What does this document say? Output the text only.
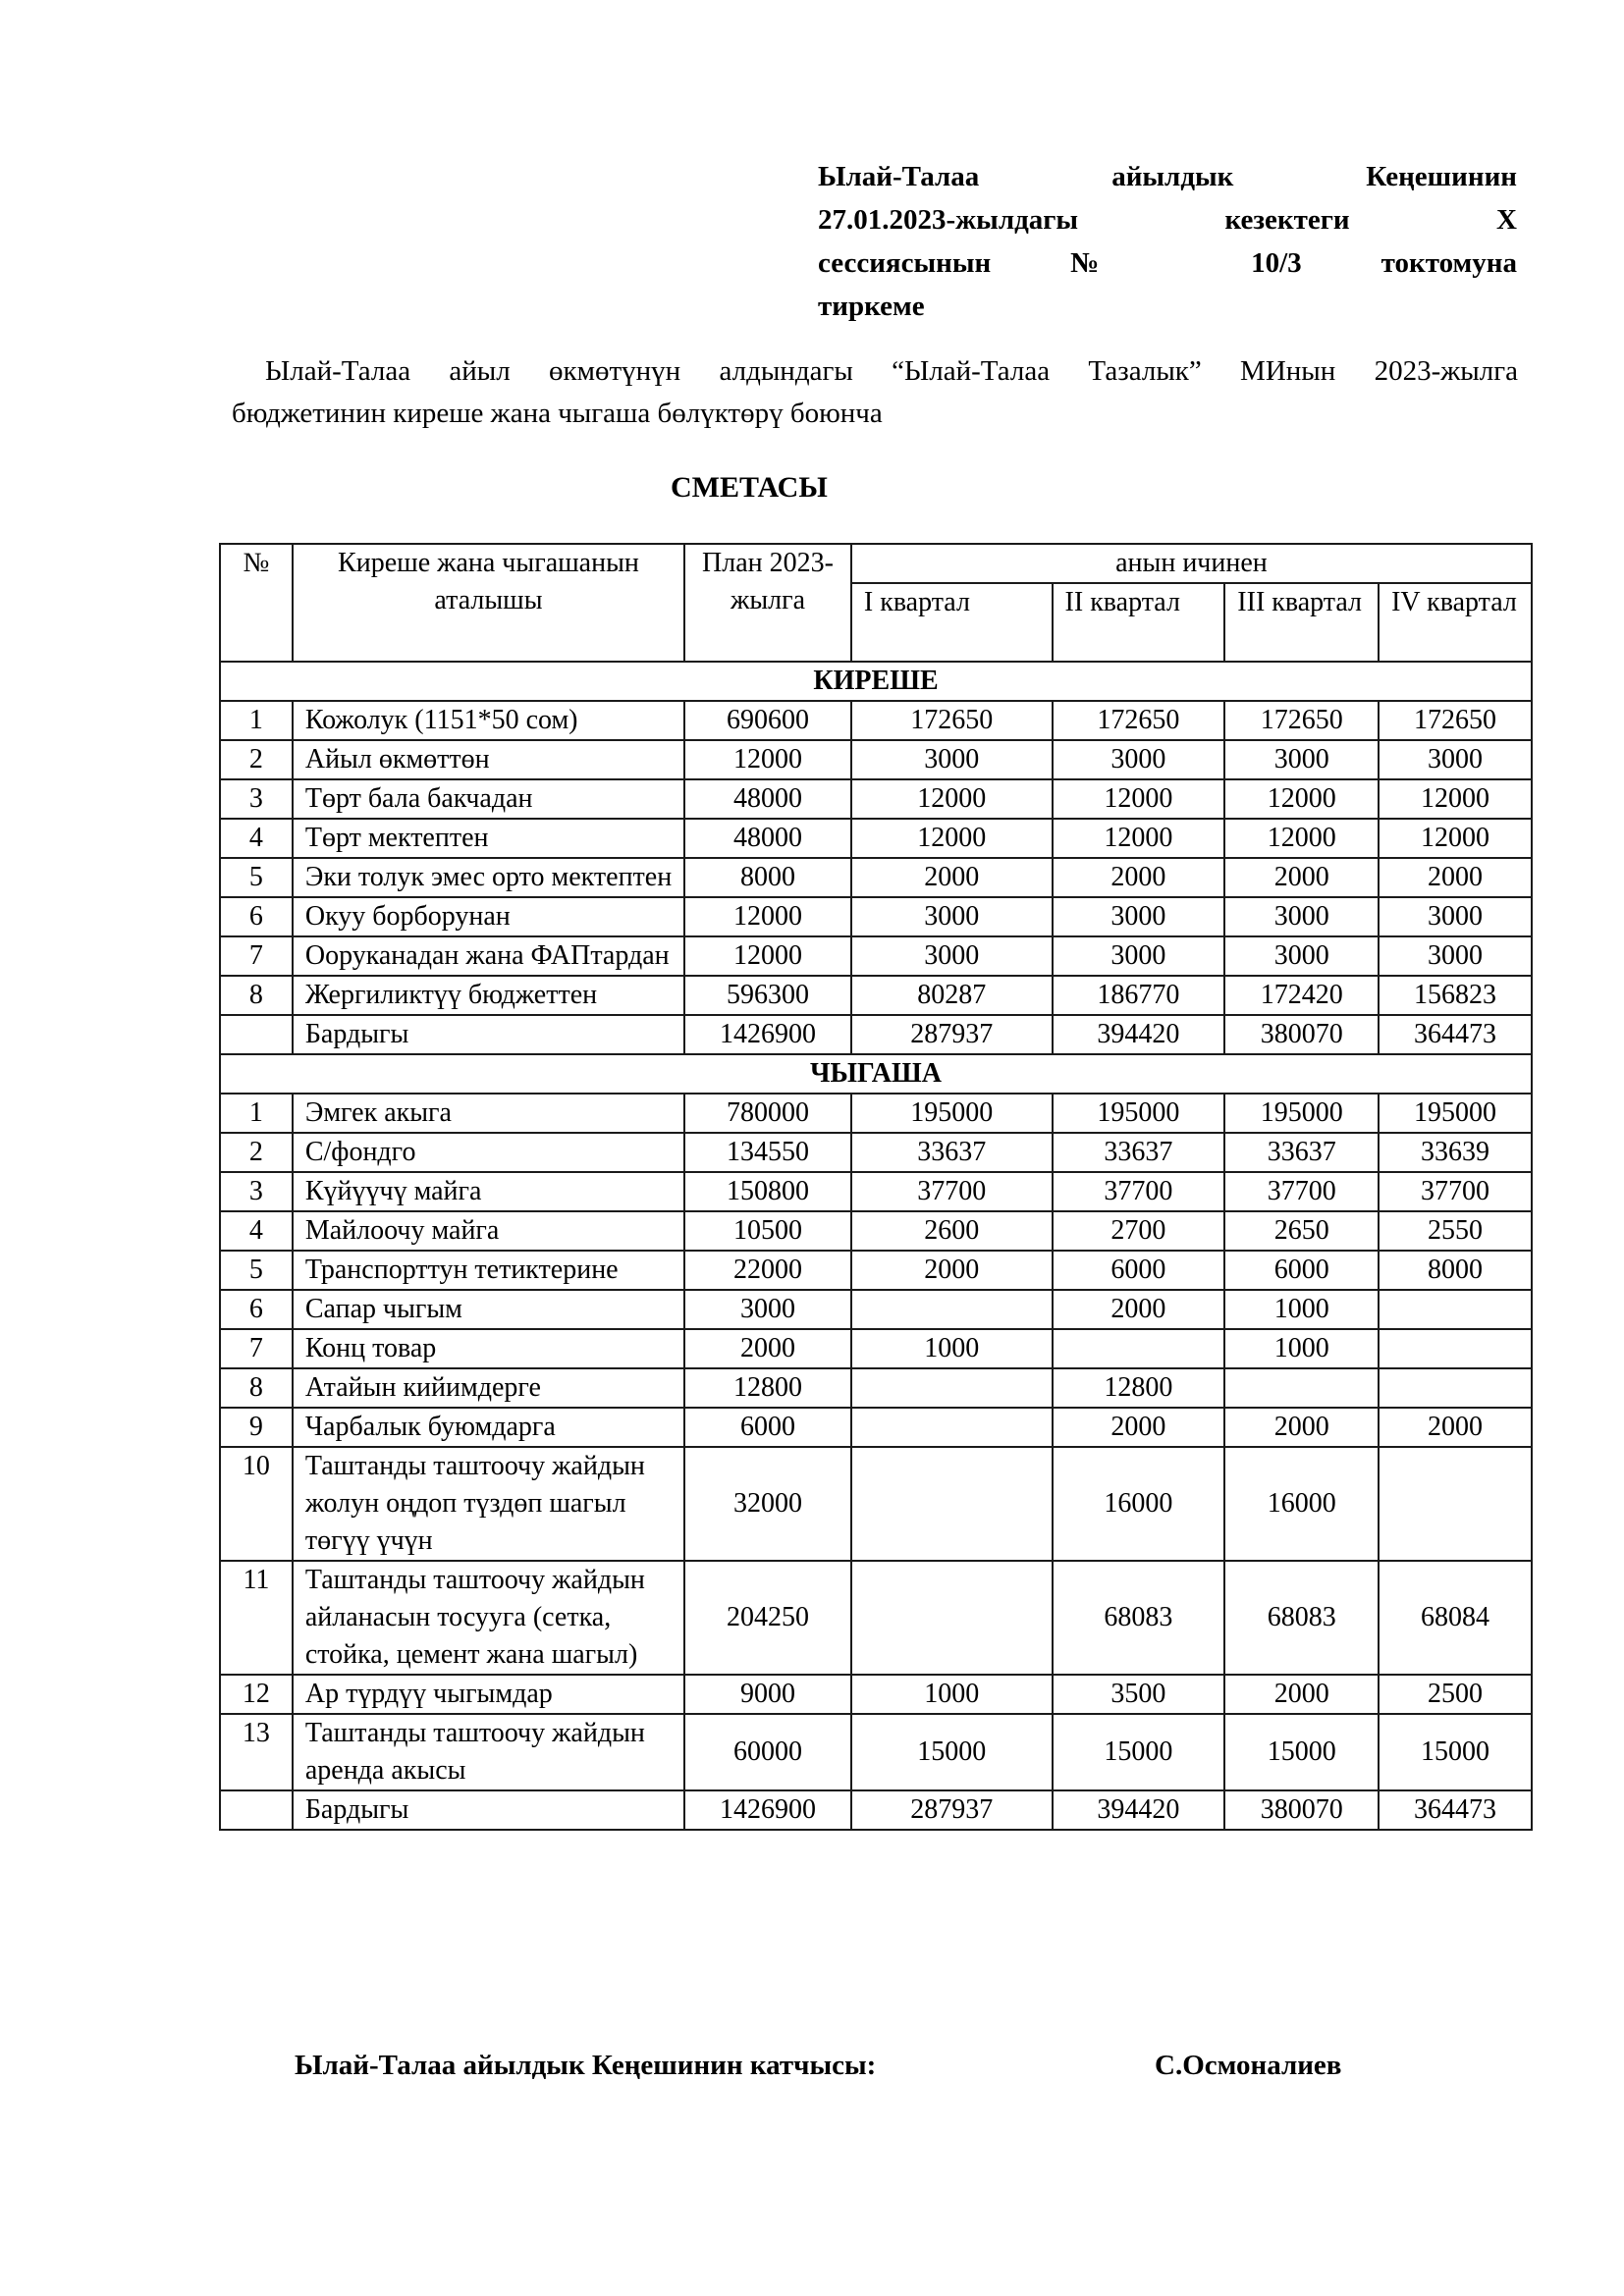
Ылай-Талаа айылдык Кеңешинин
27.01.2023-жылдагы кезектеги X
сессиясынын № 10/3 токтомуна
тиркеме
Ылай-Талаа айыл өкмөтүнүн алдындагы “Ылай-Талаа Тазалык” МИнын 2023-жылга
бюджетинин киреше жана чыгаша бөлүктөрү боюнча
СМЕТАСЫ
№	Киреше жана чыгашанын аталышы	План 2023-жылга	анын ичинен			
			I квартал	II квартал	III квартал	IV квартал
КИРЕШЕ						
1	Кожолук (1151*50 сом)	690600	172650	172650	172650	172650
2	Айыл өкмөттөн	12000	3000	3000	3000	3000
3	Төрт бала бакчадан	48000	12000	12000	12000	12000
4	Төрт мектептен	48000	12000	12000	12000	12000
5	Эки толук эмес орто мектептен	8000	2000	2000	2000	2000
6	Окуу борборунан	12000	3000	3000	3000	3000
7	Ооруканадан жана ФАПтардан	12000	3000	3000	3000	3000
8	Жергиликтүү бюджеттен	596300	80287	186770	172420	156823
	Бардыгы	1426900	287937	394420	380070	364473
ЧЫГАША						
1	Эмгек акыга	780000	195000	195000	195000	195000
2	С/фондго	134550	33637	33637	33637	33639
3	Күйүүчү майга	150800	37700	37700	37700	37700
4	Майлоочу майга	10500	2600	2700	2650	2550
5	Транспорттун тетиктерине	22000	2000	6000	6000	8000
6	Сапар чыгым	3000		2000	1000	
7	Конц товар	2000	1000		1000	
8	Атайын кийимдерге	12800		12800		
9	Чарбалык буюмдарга	6000		2000	2000	2000
10	Таштанды таштоочу жайдын жолун оңдоп түздөп шагыл төгүү үчүн	32000		16000	16000	
11	Таштанды таштоочу жайдын айланасын тосууга (сетка, стойка, цемент жана шагыл)	204250		68083	68083	68084
12	Ар түрдүү чыгымдар	9000	1000	3500	2000	2500
13	Таштанды таштоочу жайдын аренда акысы	60000	15000	15000	15000	15000
	Бардыгы	1426900	287937	394420	380070	364473
Ылай-Талаа айылдык Кеңешинин катчысы:	С.Осмоналиев
